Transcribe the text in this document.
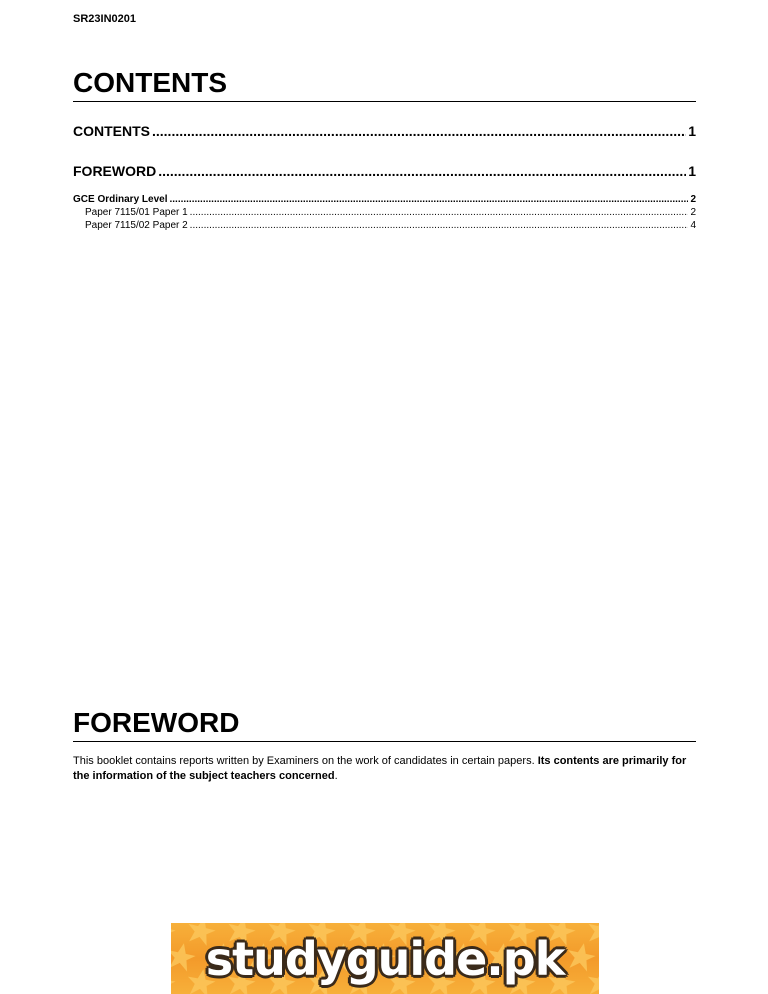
SR23IN0201
CONTENTS
CONTENTS .....	1
FOREWORD .....	1
GCE Ordinary Level .....	2
Paper 7115/01 Paper 1 .....	2
Paper 7115/02 Paper 2 .....	4
FOREWORD
This booklet contains reports written by Examiners on the work of candidates in certain papers. Its contents are primarily for the information of the subject teachers concerned.
studyguide.pk
